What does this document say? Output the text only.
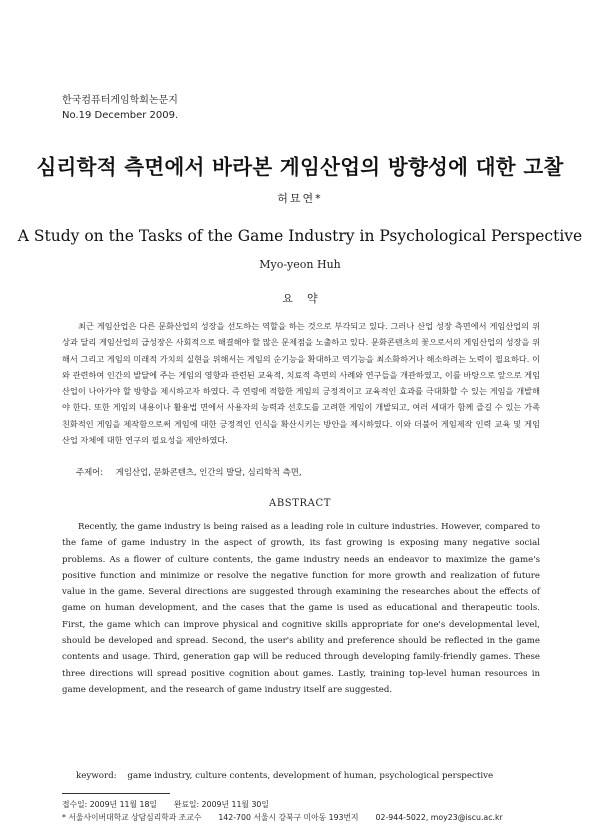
한국컴퓨터게임학회논문지
No.19 December 2009.
심리학적 측면에서 바라본 게임산업의 방향성에 대한 고찰
허묘연*
A Study on the Tasks of the Game Industry in Psychological Perspective
Myo-yeon Huh
요약
최근 게임산업은 다른 문화산업의 성장을 선도하는 역할을 하는 것으로 부각되고 있다. 그러나 산업 성장 측면에서 게임산업의 위상과 달리 게임산업의 급성장은 사회적으로 해결해야 할 많은 문제점을 노출하고 있다. 문화콘텐츠의 꽃으로서의 게임산업의 성장을 위해서 그리고 게임의 미래적 가치의 실현을 위해서는 게임의 순기능을 확대하고 역기능을 최소화하거나 해소하려는 노력이 필요하다. 이와 관련하여 인간의 발달에 주는 게임의 영향과 관련된 교육적, 치료적 측면의 사례와 연구들을 개관하였고, 이를 바탕으로 앞으로 게임산업이 나아가야 할 방향을 제시하고자 하였다. 즉 연령에 적합한 게임의 긍정적이고 교육적인 효과를 극대화할 수 있는 게임을 개발해야 한다. 또한 게임의 내용이나 활용법 면에서 사용자의 능력과 선호도를 고려한 게임이 개발되고, 여러 세대가 함께 즐길 수 있는 가족친화적인 게임을 제작함으로써 게임에 대한 긍정적인 인식을 확산시키는 방안을 제시하였다. 이와 더불어 게임제작 인력 교육 및 게임산업 자체에 대한 연구의 필요성을 제안하였다.
주제어: 게임산업, 문화콘텐츠, 인간의 발달, 심리학적 측면,
ABSTRACT
Recently, the game industry is being raised as a leading role in culture industries. However, compared to the fame of game industry in the aspect of growth, its fast growing is exposing many negative social problems. As a flower of culture contents, the game industry needs an endeavor to maximize the game's positive function and minimize or resolve the negative function for more growth and realization of future value in the game. Several directions are suggested through examining the researches about the effects of game on human development, and the cases that the game is used as educational and therapeutic tools. First, the game which can improve physical and cognitive skills appropriate for one's developmental level, should be developed and spread. Second, the user's ability and preference should be reflected in the game contents and usage. Third, generation gap will be reduced through developing family-friendly games. These three directions will spread positive cognition about games. Lastly, training top-level human resources in game development, and the research of game industry itself are suggested.
keyword: game industry, culture contents, development of human, psychological perspective
접수일: 2009년 11월 18일 완료일: 2009년 11월 30일
* 서울사이버대학교 상담심리학과 조교수 142-700 서울시 강북구 미아동 193번지 02-944-5022, moy23@iscu.ac.kr
